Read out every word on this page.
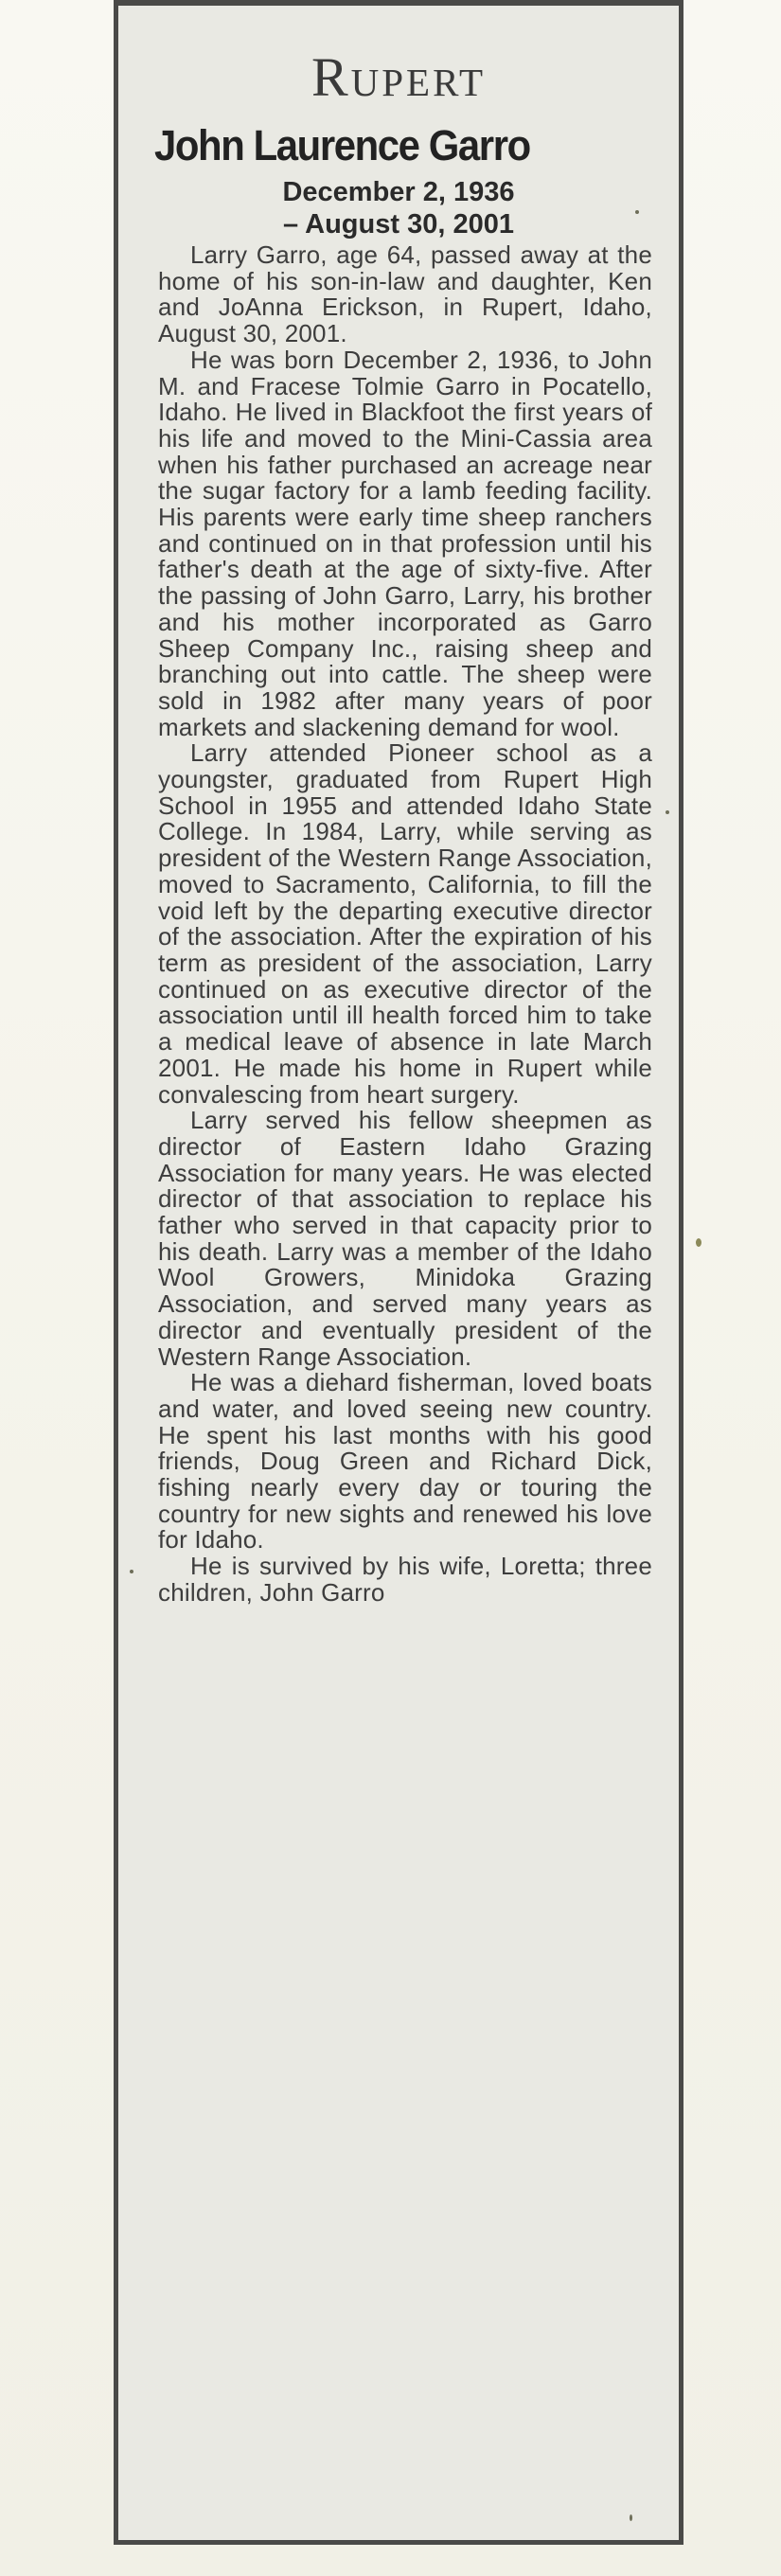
Rupert
John Laurence Garro
December 2, 1936
– August 30, 2001

Larry Garro, age 64, passed away at the home of his son-in-law and daughter, Ken and JoAnna Erickson, in Rupert, Idaho, August 30, 2001.

He was born December 2, 1936, to John M. and Fracese Tolmie Garro in Pocatello, Idaho. He lived in Blackfoot the first years of his life and moved to the Mini-Cassia area when his father purchased an acreage near the sugar factory for a lamb feeding facility. His parents were early time sheep ranchers and continued on in that profession until his father's death at the age of sixty-five. After the passing of John Garro, Larry, his brother and his mother incorporated as Garro Sheep Company Inc., raising sheep and branching out into cattle. The sheep were sold in 1982 after many years of poor markets and slackening demand for wool.

Larry attended Pioneer school as a youngster, graduated from Rupert High School in 1955 and attended Idaho State College. In 1984, Larry, while serving as president of the Western Range Association, moved to Sacramento, California, to fill the void left by the departing executive director of the association. After the expiration of his term as president of the association, Larry continued on as executive director of the association until ill health forced him to take a medical leave of absence in late March 2001. He made his home in Rupert while convalescing from heart surgery.

Larry served his fellow sheepmen as director of Eastern Idaho Grazing Association for many years. He was elected director of that association to replace his father who served in that capacity prior to his death. Larry was a member of the Idaho Wool Growers, Minidoka Grazing Association, and served many years as director and eventually president of the Western Range Association.

He was a diehard fisherman, loved boats and water, and loved seeing new country. He spent his last months with his good friends, Doug Green and Richard Dick, fishing nearly every day or touring the country for new sights and renewed his love for Idaho.

He is survived by his wife, Loretta; three children, John Garro
